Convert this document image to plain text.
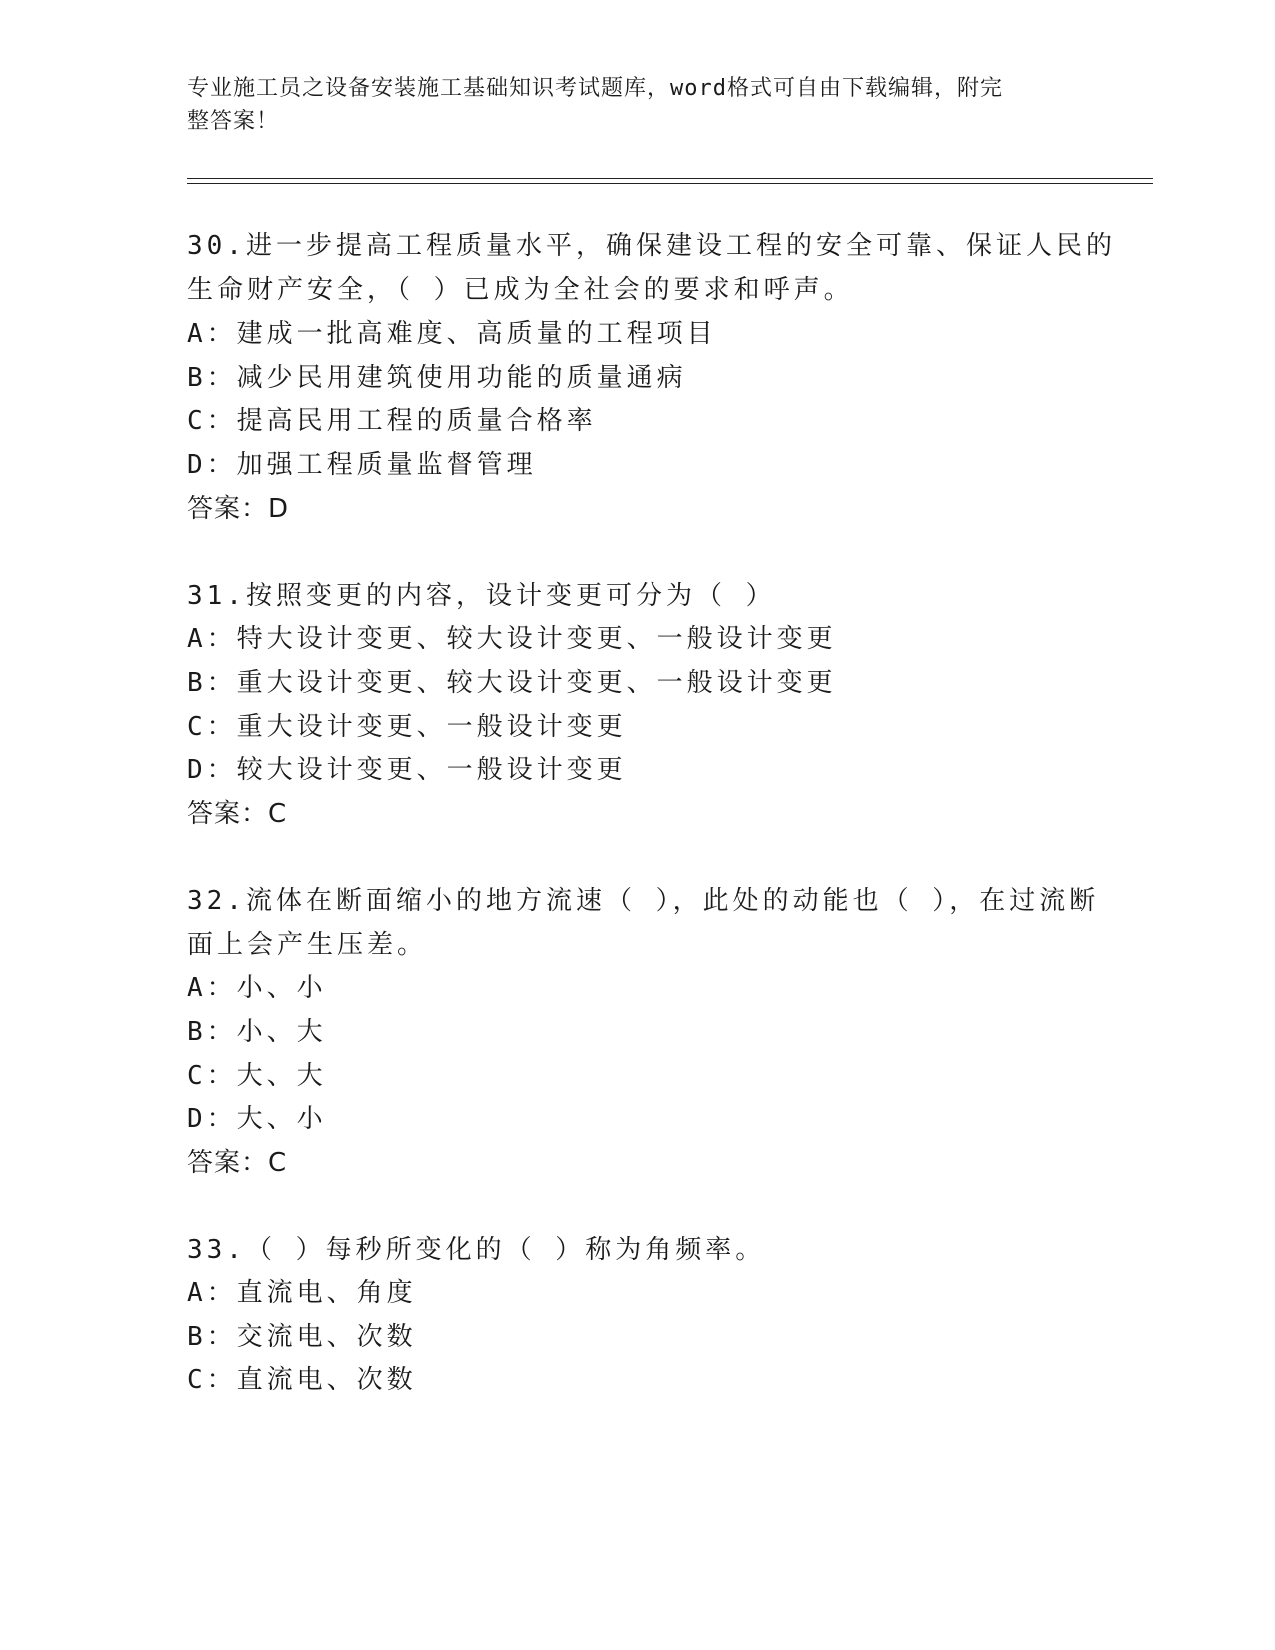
专业施工员之设备安装施工基础知识考试题库，word格式可自由下载编辑，附完
整答案！
30.进一步提高工程质量水平，确保建设工程的安全可靠、保证人民的
生命财产安全，（ ）已成为全社会的要求和呼声。
A：建成一批高难度、高质量的工程项目
B：减少民用建筑使用功能的质量通病
C：提高民用工程的质量合格率
D：加强工程质量监督管理
答案：D
31.按照变更的内容，设计变更可分为（ ）
A：特大设计变更、较大设计变更、一般设计变更
B：重大设计变更、较大设计变更、一般设计变更
C：重大设计变更、一般设计变更
D：较大设计变更、一般设计变更
答案：C
32.流体在断面缩小的地方流速（ ），此处的动能也（ ），在过流断
面上会产生压差。
A：小、小
B：小、大
C：大、大
D：大、小
答案：C
33.（ ）每秒所变化的（ ）称为角频率。
A：直流电、角度
B：交流电、次数
C：直流电、次数
